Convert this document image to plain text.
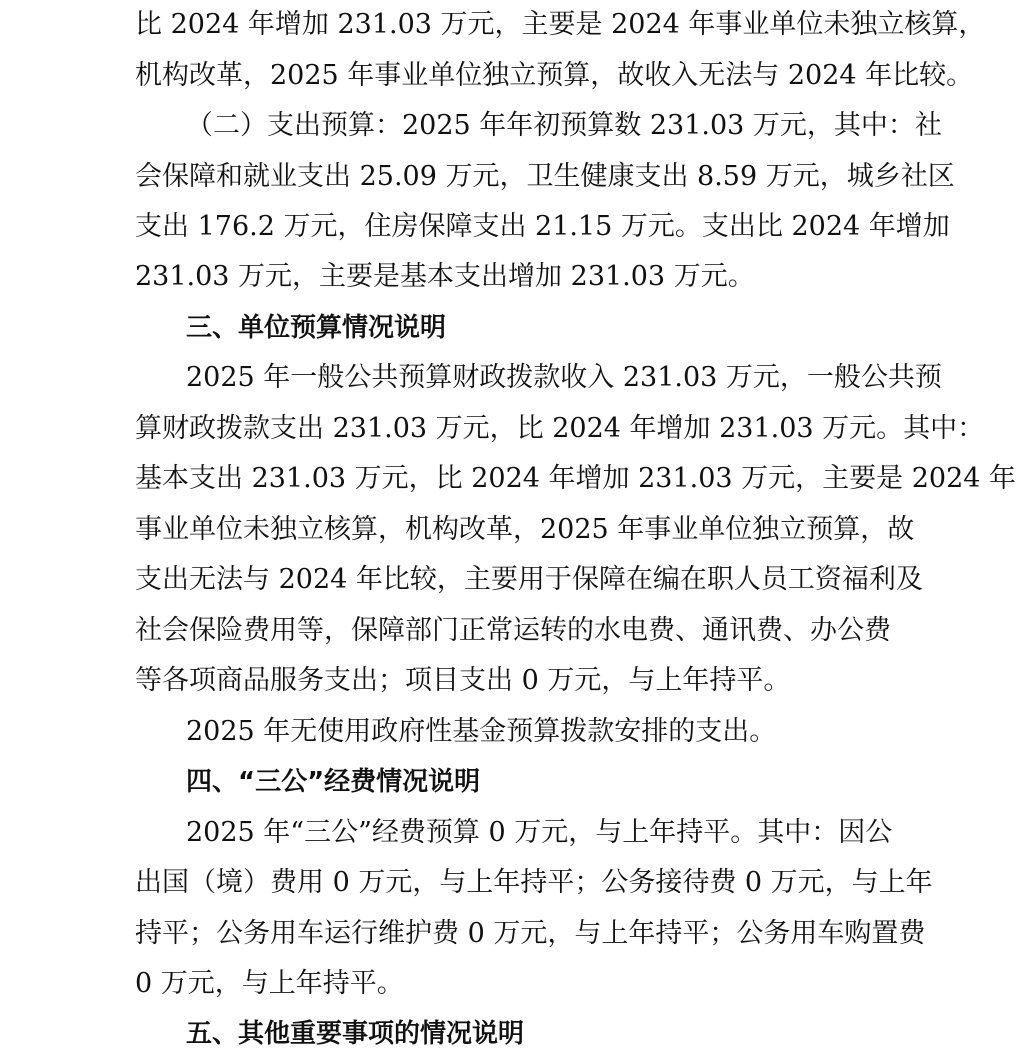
比 2024 年增加 231.03 万元，主要是 2024 年事业单位未独立核算，
机构改革，2025 年事业单位独立预算，故收入无法与 2024 年比较。
（二）支出预算：2025 年年初预算数 231.03 万元，其中：社
会保障和就业支出 25.09 万元，卫生健康支出 8.59 万元，城乡社区
支出 176.2 万元，住房保障支出 21.15 万元。支出比 2024 年增加
231.03 万元，主要是基本支出增加 231.03 万元。
三、单位预算情况说明
2025 年一般公共预算财政拨款收入 231.03 万元，一般公共预
算财政拨款支出 231.03 万元，比 2024 年增加 231.03 万元。其中：
基本支出 231.03 万元，比 2024 年增加 231.03 万元，主要是 2024 年
事业单位未独立核算，机构改革，2025 年事业单位独立预算，故
支出无法与 2024 年比较，主要用于保障在编在职人员工资福利及
社会保险费用等，保障部门正常运转的水电费、通讯费、办公费
等各项商品服务支出；项目支出 0 万元，与上年持平。
2025 年无使用政府性基金预算拨款安排的支出。
四、“三公”经费情况说明
2025 年“三公”经费预算 0 万元，与上年持平。其中：因公
出国（境）费用 0 万元，与上年持平；公务接待费 0 万元，与上年
持平；公务用车运行维护费 0 万元，与上年持平；公务用车购置费
0 万元，与上年持平。
五、其他重要事项的情况说明
